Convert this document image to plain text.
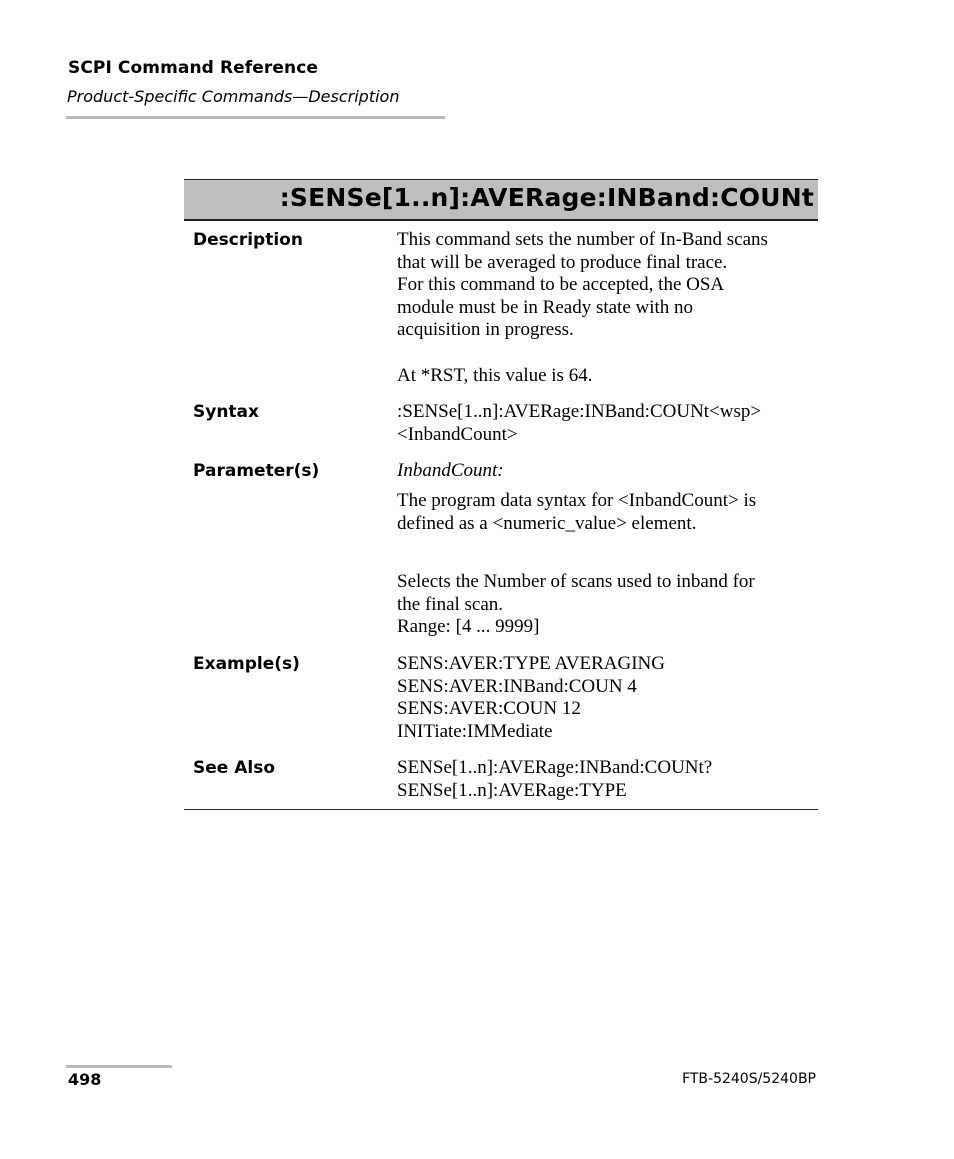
SCPI Command Reference
Product-Specific Commands—Description
:SENSe[1..n]:AVERage:INBand:COUNt
Description	This command sets the number of In-Band scans
that will be averaged to produce final trace.
For this command to be accepted, the OSA
module must be in Ready state with no
acquisition in progress.
At *RST, this value is 64.
Syntax	:SENSe[1..n]:AVERage:INBand:COUNt<wsp>
<InbandCount>
Parameter(s)	InbandCount:
The program data syntax for <InbandCount> is
defined as a <numeric_value> element.
Selects the Number of scans used to inband for
the final scan.
Range: [4 ... 9999]
Example(s)	SENS:AVER:TYPE AVERAGING
SENS:AVER:INBand:COUN 4
SENS:AVER:COUN 12
INITiate:IMMediate
See Also	SENSe[1..n]:AVERage:INBand:COUNt?
SENSe[1..n]:AVERage:TYPE
498	FTB-5240S/5240BP
